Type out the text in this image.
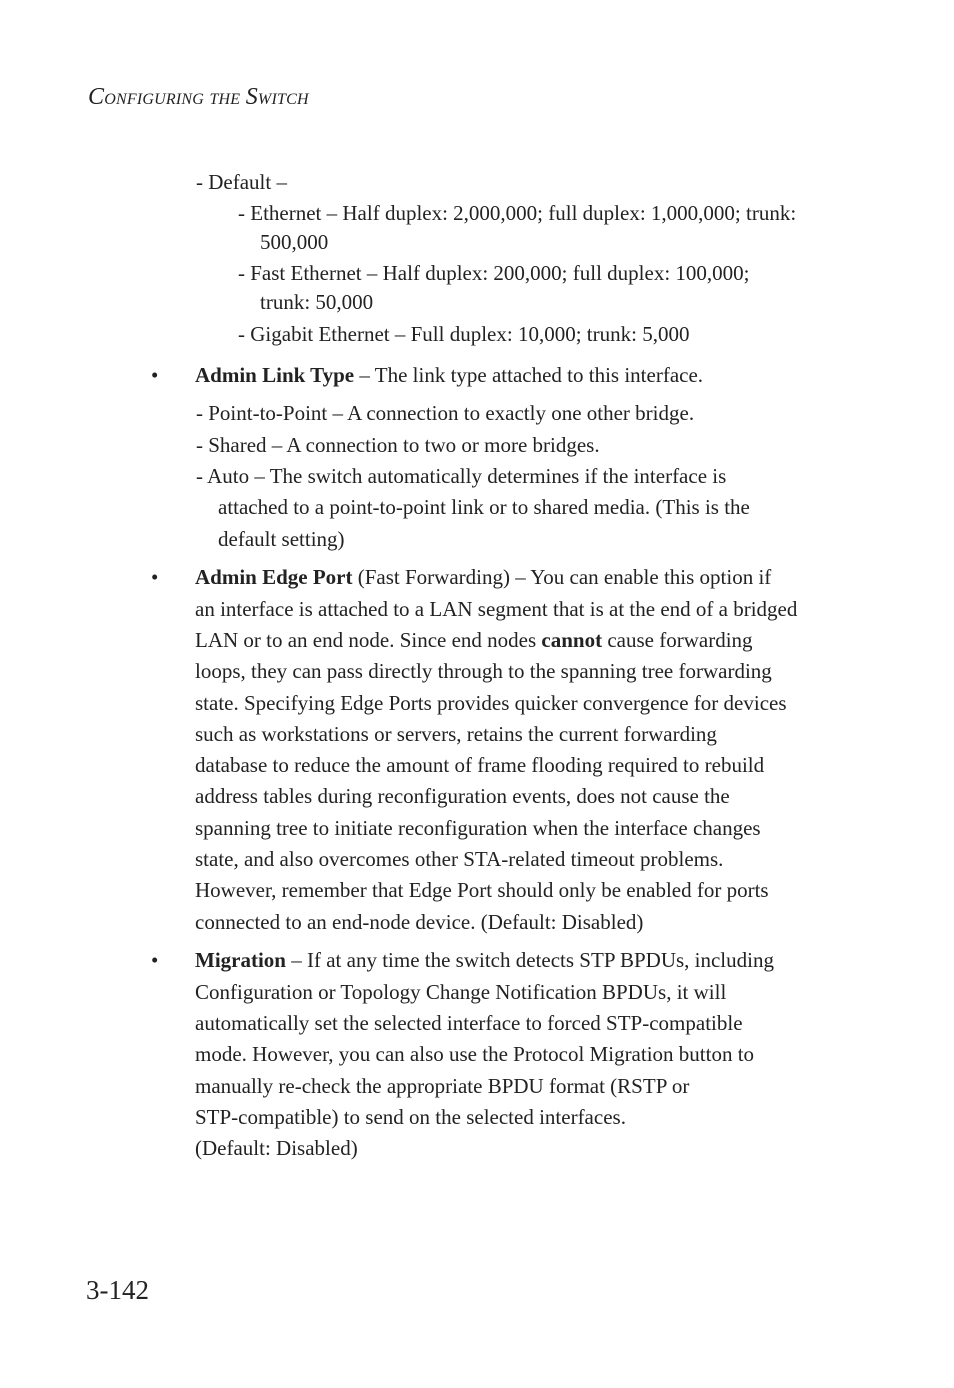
CONFIGURING THE SWITCH
- Default –
- Ethernet – Half duplex: 2,000,000; full duplex: 1,000,000; trunk:
500,000
- Fast Ethernet – Half duplex: 200,000; full duplex: 100,000;
trunk: 50,000
- Gigabit Ethernet – Full duplex: 10,000; trunk: 5,000
• Admin Link Type – The link type attached to this interface.
- Point-to-Point – A connection to exactly one other bridge.
- Shared – A connection to two or more bridges.
- Auto – The switch automatically determines if the interface is
attached to a point-to-point link or to shared media. (This is the
default setting)
• Admin Edge Port (Fast Forwarding) – You can enable this option if
an interface is attached to a LAN segment that is at the end of a bridged
LAN or to an end node. Since end nodes cannot cause forwarding
loops, they can pass directly through to the spanning tree forwarding
state. Specifying Edge Ports provides quicker convergence for devices
such as workstations or servers, retains the current forwarding
database to reduce the amount of frame flooding required to rebuild
address tables during reconfiguration events, does not cause the
spanning tree to initiate reconfiguration when the interface changes
state, and also overcomes other STA-related timeout problems.
However, remember that Edge Port should only be enabled for ports
connected to an end-node device. (Default: Disabled)
• Migration – If at any time the switch detects STP BPDUs, including
Configuration or Topology Change Notification BPDUs, it will
automatically set the selected interface to forced STP-compatible
mode. However, you can also use the Protocol Migration button to
manually re-check the appropriate BPDU format (RSTP or
STP-compatible) to send on the selected interfaces.
(Default: Disabled)
3-142
